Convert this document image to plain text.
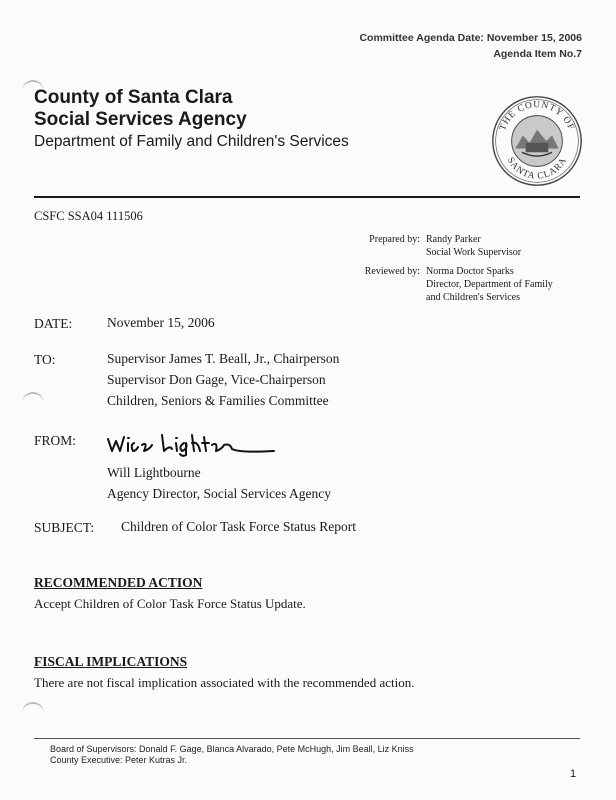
Committee Agenda Date: November 15, 2006
Agenda Item No.7
County of Santa Clara
Social Services Agency
Department of Family and Children's Services
THE COUNTY OF
SANTA CLARA
CSFC SSA04 111506
Prepared by: Randy Parker
Social Work Supervisor
Reviewed by: Norma Doctor Sparks
Director, Department of Family
and Children's Services
DATE:	November 15, 2006
TO:	Supervisor James T. Beall, Jr., Chairperson
Supervisor Don Gage, Vice-Chairperson
Children, Seniors & Families Committee
FROM:
Will Lightbourne
Agency Director, Social Services Agency
SUBJECT: Children of Color Task Force Status Report
RECOMMENDED ACTION
Accept Children of Color Task Force Status Update.
FISCAL IMPLICATIONS
There are not fiscal implication associated with the recommended action.
Board of Supervisors: Donald F. Gage, Blanca Alvarado, Pete McHugh, Jim Beall, Liz Kniss
County Executive: Peter Kutras Jr.
1
